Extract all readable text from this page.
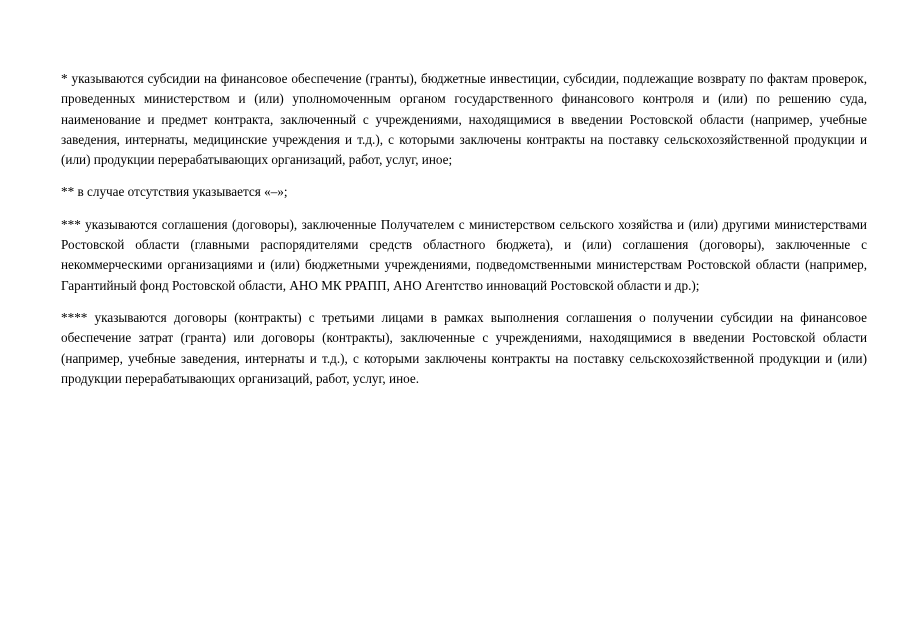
* указываются субсидии на финансовое обеспечение (гранты), бюджетные инвестиции, субсидии, подлежащие возврату по фактам проверок, проведенных министерством и (или) уполномоченным органом государственного финансового контроля и (или) по решению суда, наименование и предмет контракта, заключенный с учреждениями, находящимися в введении Ростовской области (например, учебные заведения, интернаты, медицинские учреждения и т.д.), с которыми заключены контракты на поставку сельскохозяйственной продукции и (или) продукции перерабатывающих организаций, работ, услуг, иное;

** в случае отсутствия указывается «–»;

*** указываются соглашения (договоры), заключенные Получателем с министерством сельского хозяйства и (или) другими министерствами Ростовской области (главными распорядителями средств областного бюджета), и (или) соглашения (договоры), заключенные с некоммерческими организациями и (или) бюджетными учреждениями, подведомственными министерствам Ростовской области (например, Гарантийный фонд Ростовской области, АНО МК РРАПП, АНО Агентство инноваций Ростовской области и др.);

**** указываются договоры (контракты) с третьими лицами в рамках выполнения соглашения о получении субсидии на финансовое обеспечение затрат (гранта) или договоры (контракты), заключенные с учреждениями, находящимися в введении Ростовской области (например, учебные заведения, интернаты и т.д.), с которыми заключены контракты на поставку сельскохозяйственной продукции и (или) продукции перерабатывающих организаций, работ, услуг, иное.
